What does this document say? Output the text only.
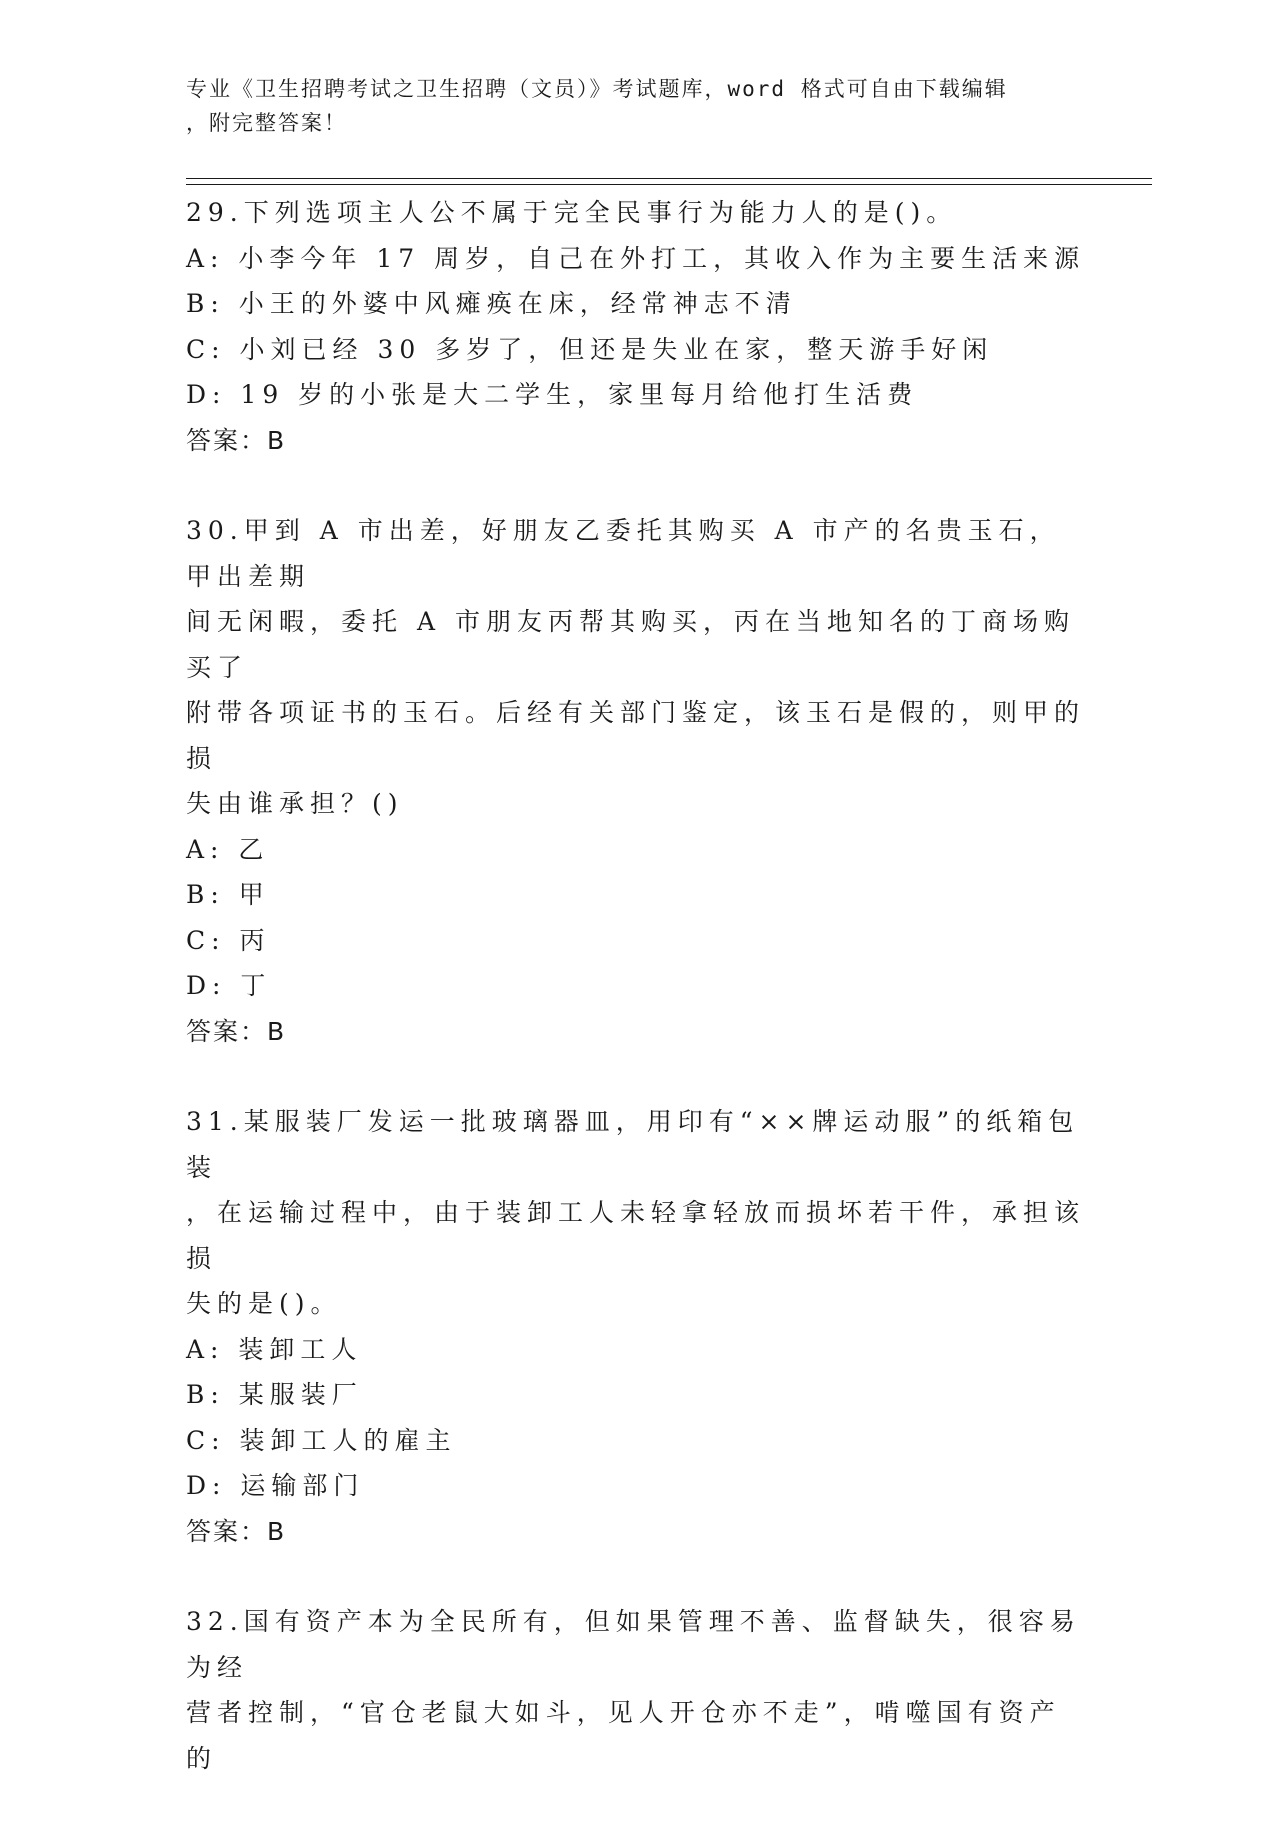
专业《卫生招聘考试之卫生招聘（文员）》考试题库，word 格式可自由下载编辑
，附完整答案！
29.下列选项主人公不属于完全民事行为能力人的是()。
A: 小李今年 17 周岁，自己在外打工，其收入作为主要生活来源
B: 小王的外婆中风瘫痪在床，经常神志不清
C: 小刘已经 30 多岁了，但还是失业在家，整天游手好闲
D: 19 岁的小张是大二学生，家里每月给他打生活费
答案：B
30.甲到 A 市出差，好朋友乙委托其购买 A 市产的名贵玉石，甲出差期
间无闲暇，委托 A 市朋友丙帮其购买，丙在当地知名的丁商场购买了
附带各项证书的玉石。后经有关部门鉴定，该玉石是假的，则甲的损
失由谁承担？()
A: 乙
B: 甲
C: 丙
D: 丁
答案：B
31.某服装厂发运一批玻璃器皿，用印有“××牌运动服”的纸箱包装
，在运输过程中，由于装卸工人未轻拿轻放而损坏若干件，承担该损
失的是()。
A: 装卸工人
B: 某服装厂
C: 装卸工人的雇主
D: 运输部门
答案：B
32.国有资产本为全民所有，但如果管理不善、监督缺失，很容易为经
营者控制，“官仓老鼠大如斗，见人开仓亦不走”，啃噬国有资产的
